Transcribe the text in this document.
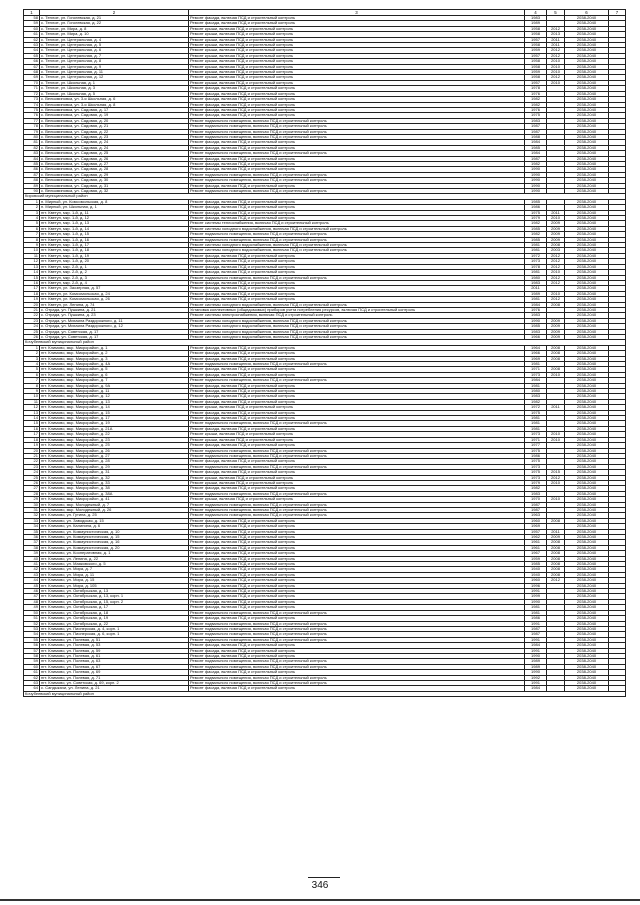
1	2	3	4	5	6	7
58	с. Теплое, ул. Гоголевская, д. 21	Ремонт фасада, включая ПСД и строительный контроль	1983		2038-2040	
59	с. Теплое, ул. Гоголевская, д. 22	Ремонт фасада, включая ПСД и строительный контроль	1989		2038-2040	
60	с. Теплое, ул. Мира, д. 8	Ремонт крыши, включая ПСД и строительный контроль	1958	2012	2038-2040	
61	с. Теплое, ул. Мира, д. 10	Ремонт крыши, включая ПСД и строительный контроль	1958	2013	2038-2040	
62	с. Теплое, ул. Центральная, д. 4	Ремонт крыши, включая ПСД и строительный контроль	1957	2011	2038-2040	
63	с. Теплое, ул. Центральная, д. 5	Ремонт крыши, включая ПСД и строительный контроль	1958	2011	2038-2040	
64	с. Теплое, ул. Центральная, д. 6	Ремонт крыши, включая ПСД и строительный контроль	1959	2012	2038-2040	
65	с. Теплое, ул. Центральная, д. 7	Ремонт крыши, включая ПСД и строительный контроль	1957	2012	2038-2040	
66	с. Теплое, ул. Центральная, д. 8	Ремонт крыши, включая ПСД и строительный контроль	1958	2010	2038-2040	
67	с. Теплое, ул. Центральная, д. 9	Ремонт крыши, включая ПСД и строительный контроль	1958	2010	2038-2040	
68	с. Теплое, ул. Центральная, д. 11	Ремонт крыши, включая ПСД и строительный контроль	1959	2010	2038-2040	
69	с. Теплое, ул. Центральная, д. 12	Ремонт крыши, включая ПСД и строительный контроль	1958	2012	2038-2040	
70	с. Теплое, ул. Школьная, д. 1	Ремонт крыши, включая ПСД и строительный контроль	1957	2010	2038-2040	
71	с. Теплое, ул. Школьная, д. 3	Ремонт фасада, включая ПСД и строительный контроль	1978		2038-2040	
72	с. Теплое, ул. Школьная, д. 5	Ремонт фасада, включая ПСД и строительный контроль	1976		2038-2040	
73	с. Вельяминовка, ул. 3-я Школьная, д. 6	Ремонт фасада, включая ПСД и строительный контроль	1982		2038-2040	
74	с. Вельяминовка, ул. 3-я Школьная, д. 8	Ремонт фасада, включая ПСД и строительный контроль	1982		2038-2040	
75	с. Вельяминовка, ул. Садовая, д. 17	Ремонт фасада, включая ПСД и строительный контроль	1976		2038-2040	
76	с. Вельяминовка, ул. Садовая, д. 19	Ремонт фасада, включая ПСД и строительный контроль	1975		2038-2040	
77	с. Вельяминовка, ул. Садовая, д. 20	Ремонт подвального помещения, включая ПСД и строительный контроль	1983		2038-2040	
78	с. Вельяминовка, ул. Садовая, д. 21	Ремонт подвального помещения, включая ПСД и строительный контроль	1987		2038-2040	
79	с. Вельяминовка, ул. Садовая, д. 22	Ремонт подвального помещения, включая ПСД и строительный контроль	1987		2038-2040	
80	с. Вельяминовка, ул. Садовая, д. 23	Ремонт подвального помещения, включая ПСД и строительный контроль	1988		2038-2040	
81	с. Вельяминовка, ул. Садовая, д. 24	Ремонт фасада, включая ПСД и строительный контроль	1984		2038-2040	
82	с. Вельяминовка, ул. Садовая, д. 24	Ремонт фасада, включая ПСД и строительный контроль	1985		2038-2040	
83	с. Вельяминовка, ул. Садовая, д. 25	Ремонт подвального помещения, включая ПСД и строительный контроль	1984		2038-2040	
84	с. Вельяминовка, ул. Садовая, д. 26	Ремонт фасада, включая ПСД и строительный контроль	1987		2038-2040	
85	с. Вельяминовка, ул. Садовая, д. 27	Ремонт фасада, включая ПСД и строительный контроль	1982		2038-2040	
86	с. Вельяминовка, ул. Садовая, д. 28	Ремонт фасада, включая ПСД и строительный контроль	1990		2038-2040	
87	с. Вельяминовка, ул. Садовая, д. 29	Ремонт подвального помещения, включая ПСД и строительный контроль	1990		2038-2040	
88	с. Вельяминовка, ул. Садовая, д. 30	Ремонт подвального помещения, включая ПСД и строительный контроль	1990		2038-2040	
89	с. Вельяминовка, ул. Садовая, д. 31	Ремонт фасада, включая ПСД и строительный контроль	1990		2038-2040	
90	с. Вельяминовка, ул. Садовая, д. 32	Ремонт подвального помещения, включая ПСД и строительный контроль	1990		2038-2040	
Кировский муниципальный район						
1	п. Мирный, ул. Комсомольская, д. 8	Ремонт фасада, включая ПСД и строительный контроль	1985		2038-2040	
2	п. Мирный, ул. Школьная, д. 1	Ремонт фасада, включая ПСД и строительный контроль	1986		2038-2040	
3	пгт. Кветун, мкр. 1-й, д. 11	Ремонт фасада, включая ПСД и строительный контроль	1975	2011	2038-2040	
4	пгт. Кветун, мкр. 1-й, д. 12	Ремонт фасада, включая ПСД и строительный контроль	1979	2010	2038-2040	
5	пгт. Кветун, мкр. 1-й, д. 13	Ремонт системы теплоснабжения, включая ПСД и строительный контроль	1982	2009	2038-2040	
6	пгт. Кветун, мкр. 1-й, д. 14	Ремонт системы холодного водоснабжения, включая ПСД и строительный контроль	1985	2009	2038-2040	
7	пгт. Кветун, мкр. 1-й, д. 15	Ремонт подвального помещения, включая ПСД и строительный контроль	1982	2009	2038-2040	
8	пгт. Кветун, мкр. 1-й, д. 16	Ремонт подвального помещения, включая ПСД и строительный контроль	1985	2009	2038-2040	
9	пгт. Кветун, мкр. 1-й, д. 17	Ремонт системы холодного водоснабжения, включая ПСД и строительный контроль	1981	2008	2038-2040	
10	пгт. Кветун, мкр. 1-й, д. 18	Ремонт системы холодного водоснабжения, включая ПСД и строительный контроль	1981	2003	2038-2040	
11	пгт. Кветун, мкр. 1-й, д. 19	Ремонт фасада, включая ПСД и строительный контроль	1972	2012	2038-2040	
12	пгт. Кветун, мкр. 1-й, д. 20	Ремонт фасада, включая ПСД и строительный контроль	1973	2012	2038-2040	
13	пгт. Кветун, мкр. 2-й, д. 1	Ремонт фасада, включая ПСД и строительный контроль	1978	2012	2038-2040	
14	пгт. Кветун, мкр. 2-й, д. 2	Ремонт фасада, включая ПСД и строительный контроль	1981	2010	2038-2040	
15	пгт. Кветун, мкр. 2-й, д. 3	Ремонт подвального помещения, включая ПСД и строительный контроль	1980	2012	2038-2040	
16	пгт. Кветун, мкр. 2-й, д. 4	Ремонт фасада, включая ПСД и строительный контроль	1983	2012	2038-2040	
17	пгт. Кветун, ул. Заозерная, д. 57	Ремонт фасада, включая ПСД и строительный контроль	2011		2038-2040	
18	пгт. Кветун, ул. Комсомольская, д. 24	Ремонт фасада, включая ПСД и строительный контроль	1989	2010	2038-2040	
19	пгт. Кветун, ул. Комсомольская, д. 26	Ремонт фасада, включая ПСД и строительный контроль	1981	2012	2038-2040	
20	пгт. Кветун, ул. Ленина, д. 74	Ремонт системы холодного водоснабжения, включая ПСД и строительный контроль	1984	2008	2038-2040	
21	с. Отрада, ул. Пушкина, д. 21	Установка коллективных (общедомовых) приборов учета потребления ресурсов, включая ПСД и строительный контроль	1976		2038-2040	
22	с. Отрада, ул. Пушкина, д. 23	Ремонт системы электроснабжения, включая ПСД и строительный контроль	1983		2038-2040	
23	с. Отрада, ул. Михаила Раздорожного, д. 11	Ремонт системы холодного водоснабжения, включая ПСД и строительный контроль	1990	2009	2038-2040	
24	с. Отрада, ул. Михаила Раздорожного, д. 12	Ремонт системы холодного водоснабжения, включая ПСД и строительный контроль	1985	2009	2038-2040	
25	с. Отрада, ул. Советская, д. 17	Ремонт системы холодного водоснабжения, включая ПСД и строительный контроль	1983	2009	2038-2040	
26	с. Отрада, ул. Советская, д. 17	Ремонт системы холодного водоснабжения, включая ПСД и строительный контроль	1966	2009	2038-2040	
Кочубеевский муниципальный район						
1	пгт. Климово, мкр. Микрорайон, д. 1	Ремонт фасада, включая ПСД и строительный контроль	1964	2008	2038-2040	
2	пгт. Климово, мкр. Микрорайон, д. 2	Ремонт фасада, включая ПСД и строительный контроль	1966	2008	2038-2040	
3	пгт. Климово, мкр. Микрорайон, д. 3	Ремонт фасада, включая ПСД и строительный контроль	1969	2008	2038-2040	
4	пгт. Климово, мкр. Микрорайон, д. 4А	Ремонт подвального помещения, включая ПСД и строительный контроль	1981		2038-2040	
5	пгт. Климово, мкр. Микрорайон, д. 5	Ремонт фасада, включая ПСД и строительный контроль	1971	2008	2038-2040	
6	пгт. Климово, мкр. Микрорайон, д. 6	Ремонт фасада, включая ПСД и строительный контроль	1973	2010	2038-2040	
7	пгт. Климово, мкр. Микрорайон, д. 7	Ремонт подвального помещения, включая ПСД и строительный контроль	1984		2038-2040	
8	пгт. Климово, мкр. Микрорайон, д. 9А	Ремонт фасада, включая ПСД и строительный контроль	1981		2038-2040	
9	пгт. Климово, мкр. Микрорайон, д. 11	Ремонт фасада, включая ПСД и строительный контроль	1980		2038-2040	
10	пгт. Климово, мкр. Микрорайон, д. 12	Ремонт фасада, включая ПСД и строительный контроль	1983		2038-2040	
11	пгт. Климово, мкр. Микрорайон, д. 13	Ремонт фасада, включая ПСД и строительный контроль	1982		2038-2040	
12	пгт. Климово, мкр. Микрорайон, д. 14	Ремонт крыши, включая ПСД и строительный контроль	1972	2011	2038-2040	
13	пгт. Климово, мкр. Микрорайон, д. 15	Ремонт фасада, включая ПСД и строительный контроль	1975		2038-2040	
14	пгт. Климово, мкр. Микрорайон, д. 17	Ремонт фасада, включая ПСД и строительный контроль	1981		2038-2040	
15	пгт. Климово, мкр. Микрорайон, д. 19	Ремонт подвального помещения, включая ПСД и строительный контроль	1981		2038-2040	
16	пгт. Климово, мкр. Микрорайон, д. 21А	Ремонт фасада, включая ПСД и строительный контроль	1981		2038-2040	
17	пгт. Климово, мкр. Микрорайон, д. 22	Ремонт крыши, включая ПСД и строительный контроль	1973	2010	2038-2040	
18	пгт. Климово, мкр. Микрорайон, д. 23	Ремонт крыши, включая ПСД и строительный контроль	1971	2010	2038-2040	
19	пгт. Климово, мкр. Микрорайон, д. 25	Ремонт фасада, включая ПСД и строительный контроль	1977		2038-2040	
20	пгт. Климово, мкр. Микрорайон, д. 26	Ремонт подвального помещения, включая ПСД и строительный контроль	1975		2038-2040	
21	пгт. Климово, мкр. Микрорайон, д. 27	Ремонт подвального помещения, включая ПСД и строительный контроль	1986		2038-2040	
22	пгт. Климово, мкр. Микрорайон, д. 28	Ремонт фасада, включая ПСД и строительный контроль	1975		2038-2040	
23	пгт. Климово, мкр. Микрорайон, д. 29	Ремонт подвального помещения, включая ПСД и строительный контроль	1973		2038-2040	
24	пгт. Климово, мкр. Микрорайон, д. 31	Ремонт фасада, включая ПСД и строительный контроль	1975	2015	2038-2040	
25	пгт. Климово, мкр. Микрорайон, д. 32	Ремонт крыши, включая ПСД и строительный контроль	1973	2012	2038-2040	
26	пгт. Климово, мкр. Микрорайон, д. 33	Ремонт крыши, включая ПСД и строительный контроль	1979	2010	2038-2040	
27	пгт. Климово, мкр. Микрорайон, д. 38	Ремонт фасада, включая ПСД и строительный контроль	1982		2038-2040	
28	пгт. Климово, мкр. Микрорайон, д. 38А	Ремонт подвального помещения, включая ПСД и строительный контроль	1983		2038-2040	
29	пгт. Климово, мкр. Микрорайон, д. 41	Ремонт крыши, включая ПСД и строительный контроль	1970	2010	2038-2040	
30	пгт. Климово, мкр. Молодежный, д. 7	Ремонт подвального помещения, включая ПСД и строительный контроль	1987		2038-2040	
31	пгт. Климово, мкр. Молодежный, д. 26	Ремонт подвального помещения, включая ПСД и строительный контроль	1987		2038-2040	
32	пгт. Климово, ул. Гутина, д. 25	Ремонт подвального помещения, включая ПСД и строительный контроль	1963		2038-2040	
33	пгт. Климово, ул. Заводская, д. 15	Ремонт фасада, включая ПСД и строительный контроль	1960	2008	2038-2040	
34	пгт. Климово, ул. Калинина, д. 6	Ремонт фасада, включая ПСД и строительный контроль	1969		2038-2040	
35	пгт. Климово, ул. Коммунистическая, д. 10	Ремонт фасада, включая ПСД и строительный контроль	1957	2011	2038-2040	
36	пгт. Климово, ул. Коммунистическая, д. 15	Ремонт фасада, включая ПСД и строительный контроль	1962	2009	2038-2040	
37	пгт. Климово, ул. Коммунистическая, д. 16	Ремонт фасада, включая ПСД и строительный контроль	1961	2008	2038-2040	
38	пгт. Климово, ул. Коммунистическая, д. 20	Ремонт фасада, включая ПСД и строительный контроль	1961	2008	2038-2040	
39	пгт. Климово, ул. Кооперативная, д. 1	Ремонт фасада, включая ПСД и строительный контроль	1967	2008	2038-2040	
40	пгт. Климово, ул. Ленина, д. 22	Ремонт фасада, включая ПСД и строительный контроль	1959	2008	2038-2040	
41	пгт. Климово, ул. Маяковского, д. 5	Ремонт фасада, включая ПСД и строительный контроль	1985	2008	2038-2040	
42	пгт. Климово, ул. Мира, д. 7	Ремонт фасада, включая ПСД и строительный контроль	1940	2008	2038-2040	
43	пгт. Климово, ул. Мира, д. 11	Ремонт фасада, включая ПСД и строительный контроль	1940	2008	2038-2040	
44	пгт. Климово, ул. Мира, д. 15	Ремонт фасада, включая ПСД и строительный контроль	1960	2012	2038-2040	
45	пгт. Климово, ул. Мира, д. 105	Ремонт фасада, включая ПСД и строительный контроль	1996		2038-2040	
46	пгт. Климово, ул. Октябрьская, д. 13	Ремонт фасада, включая ПСД и строительный контроль	1991		2038-2040	
47	пгт. Климово, ул. Октябрьская, д. 13, корп. 1	Ремонт фасада, включая ПСД и строительный контроль	1999		2038-2040	
48	пгт. Климово, ул. Октябрьская, д. 15, корп. 2	Ремонт фасада, включая ПСД и строительный контроль	1990		2038-2040	
49	пгт. Климово, ул. Октябрьская, д. 17	Ремонт фасада, включая ПСД и строительный контроль	1981		2038-2040	
50	пгт. Климово, ул. Октябрьская, д. 18	Ремонт подвального помещения, включая ПСД и строительный контроль	1981		2038-2040	
51	пгт. Климово, ул. Октябрьская, д. 19	Ремонт фасада, включая ПСД и строительный контроль	1986		2038-2040	
52	пгт. Климово, ул. Октябрьская, д. 22	Ремонт подвального помещения, включая ПСД и строительный контроль	1991		2038-2040	
53	пгт. Климово, ул. Пионерская, д. 4, корп. 1	Ремонт подвального помещения, включая ПСД и строительный контроль	1987		2038-2040	
54	пгт. Климово, ул. Пионерская, д. 6, корп. 1	Ремонт подвального помещения, включая ПСД и строительный контроль	1987		2038-2040	
55	пгт. Климово, ул. Полевая, д. 51	Ремонт подвального помещения, включая ПСД и строительный контроль	1991		2038-2040	
56	пгт. Климово, ул. Полевая, д. 53	Ремонт фасада, включая ПСД и строительный контроль	1984		2038-2040	
57	пгт. Климово, ул. Полевая, д. 59	Ремонт фасада, включая ПСД и строительный контроль	1991		2038-2040	
58	пгт. Климово, ул. Полевая, д. 61	Ремонт фасада, включая ПСД и строительный контроль	1990		2038-2040	
59	пгт. Климово, ул. Полевая, д. 63	Ремонт подвального помещения, включая ПСД и строительный контроль	1989		2038-2040	
60	пгт. Климово, ул. Полевая, д. 67	Ремонт подвального помещения, включая ПСД и строительный контроль	1989		2038-2040	
61	пгт. Климово, ул. Полевая, д. 69	Ремонт фасада, включая ПСД и строительный контроль	1990		2038-2040	
62	пгт. Климово, ул. Полевая, д. 71	Ремонт подвального помещения, включая ПСД и строительный контроль	1992		2038-2040	
63	пгт. Климово, ул. Советская, д. 69, корп. 2	Ремонт подвального помещения, включая ПСД и строительный контроль	1991		2038-2040	
64	с. Сандыкачи, ул. Ленина, д. 21	Ремонт фасада, включая ПСД и строительный контроль	1984		2038-2040	
Кочубеевский муниципальный район						
346
